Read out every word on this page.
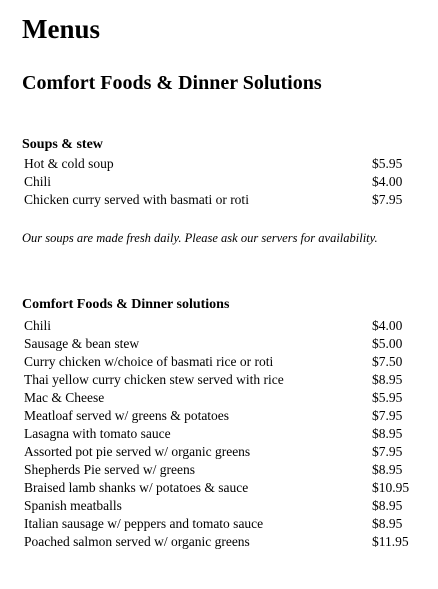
Menus
Comfort Foods & Dinner Solutions
Soups & stew
Hot & cold soup	$5.95
Chili	$4.00
Chicken curry served with basmati or roti	$7.95

Our soups are made fresh daily. Please ask our servers for availability.

Comfort Foods & Dinner solutions
Chili	$4.00
Sausage & bean stew	$5.00
Curry chicken w/choice of basmati rice or roti	$7.50
Thai yellow curry chicken stew served with rice	$8.95
Mac & Cheese	$5.95
Meatloaf served w/ greens & potatoes	$7.95
Lasagna with tomato sauce	$8.95
Assorted pot pie served w/ organic greens	$7.95
Shepherds Pie served w/ greens	$8.95
Braised lamb shanks w/ potatoes & sauce	$10.95
Spanish meatballs	$8.95
Italian sausage w/ peppers and tomato sauce	$8.95
Poached salmon served w/ organic greens	$11.95
